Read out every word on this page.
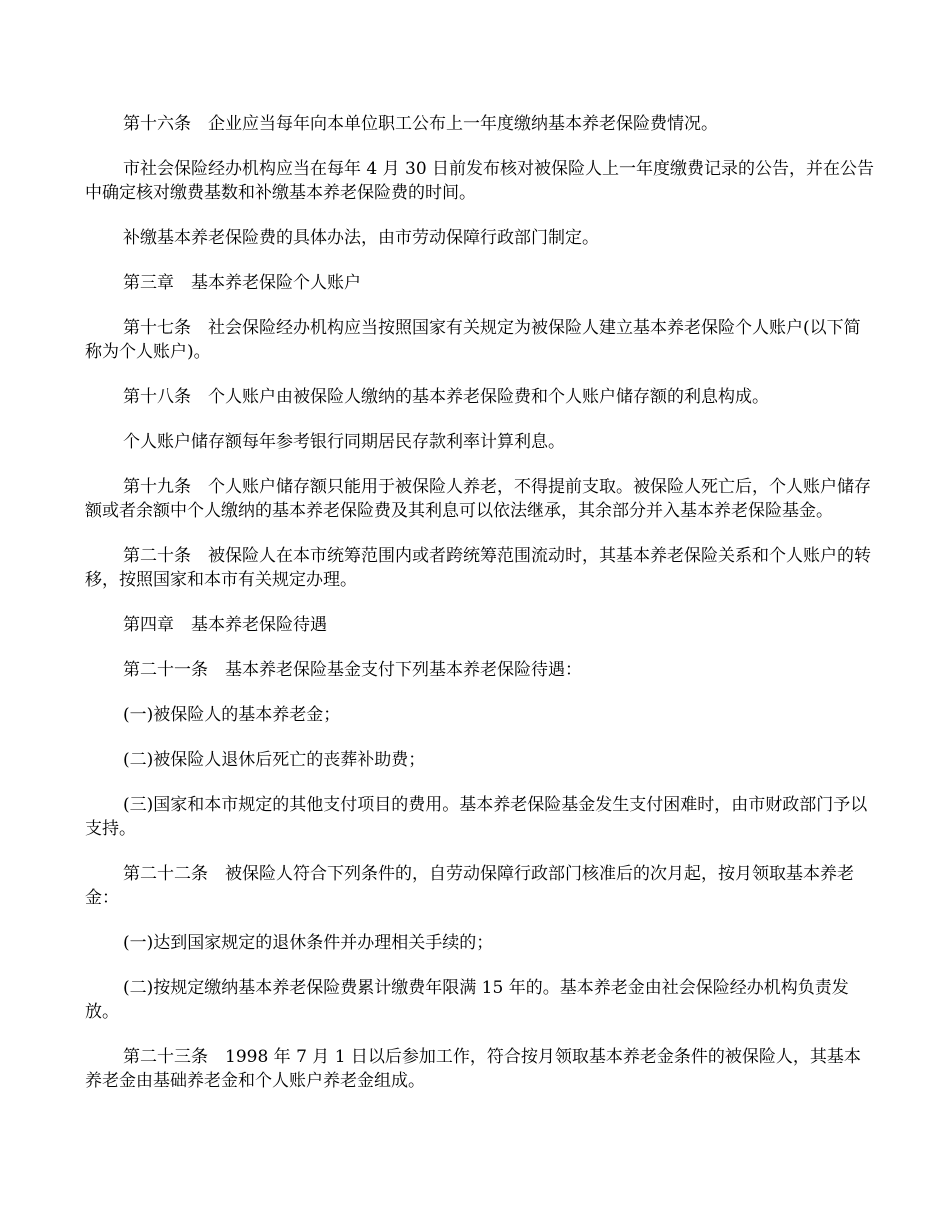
第十六条　企业应当每年向本单位职工公布上一年度缴纳基本养老保险费情况。

市社会保险经办机构应当在每年 4 月 30 日前发布核对被保险人上一年度缴费记录的公告，并在公告中确定核对缴费基数和补缴基本养老保险费的时间。

补缴基本养老保险费的具体办法，由市劳动保障行政部门制定。

第三章　基本养老保险个人账户

第十七条　社会保险经办机构应当按照国家有关规定为被保险人建立基本养老保险个人账户(以下简称为个人账户)。

第十八条　个人账户由被保险人缴纳的基本养老保险费和个人账户储存额的利息构成。

个人账户储存额每年参考银行同期居民存款利率计算利息。

第十九条　个人账户储存额只能用于被保险人养老，不得提前支取。被保险人死亡后，个人账户储存额或者余额中个人缴纳的基本养老保险费及其利息可以依法继承，其余部分并入基本养老保险基金。

第二十条　被保险人在本市统筹范围内或者跨统筹范围流动时，其基本养老保险关系和个人账户的转移，按照国家和本市有关规定办理。

第四章　基本养老保险待遇

第二十一条　基本养老保险基金支付下列基本养老保险待遇：

(一)被保险人的基本养老金；

(二)被保险人退休后死亡的丧葬补助费；

(三)国家和本市规定的其他支付项目的费用。基本养老保险基金发生支付困难时，由市财政部门予以支持。

第二十二条　被保险人符合下列条件的，自劳动保障行政部门核准后的次月起，按月领取基本养老金：

(一)达到国家规定的退休条件并办理相关手续的；

(二)按规定缴纳基本养老保险费累计缴费年限满 15 年的。基本养老金由社会保险经办机构负责发放。

第二十三条　1998 年 7 月 1 日以后参加工作，符合按月领取基本养老金条件的被保险人，其基本养老金由基础养老金和个人账户养老金组成。
